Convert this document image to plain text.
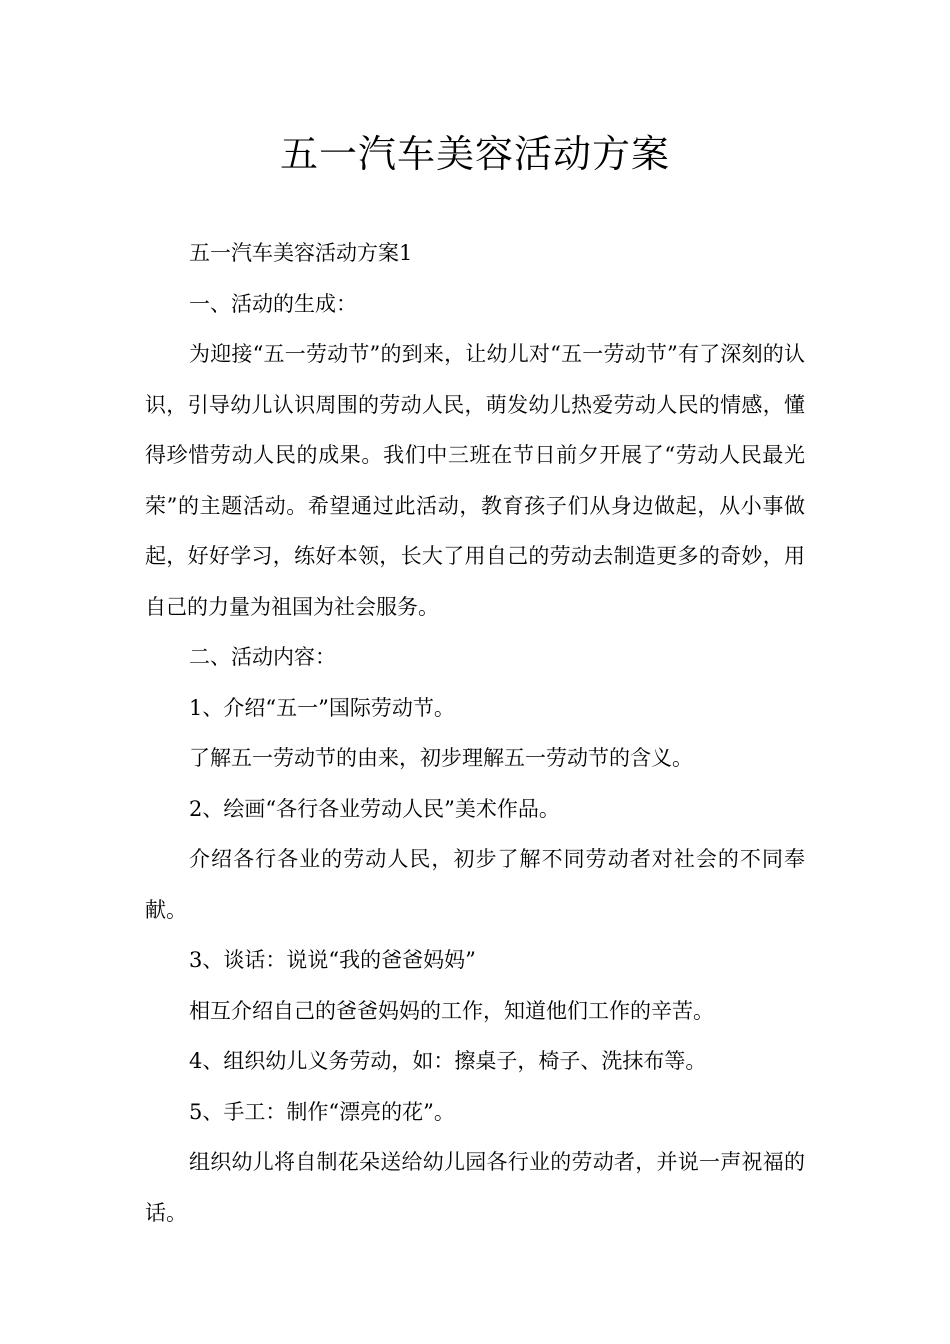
五一汽车美容活动方案

五一汽车美容活动方案1

一、活动的生成：

为迎接“五一劳动节”的到来，让幼儿对“五一劳动节”有了深刻的认识，引导幼儿认识周围的劳动人民，萌发幼儿热爱劳动人民的情感，懂得珍惜劳动人民的成果。我们中三班在节日前夕开展了“劳动人民最光荣”的主题活动。希望通过此活动，教育孩子们从身边做起，从小事做起，好好学习，练好本领，长大了用自己的劳动去制造更多的奇妙，用自己的力量为祖国为社会服务。

二、活动内容：

1、介绍“五一”国际劳动节。

了解五一劳动节的由来，初步理解五一劳动节的含义。

2、绘画“各行各业劳动人民”美术作品。

介绍各行各业的劳动人民，初步了解不同劳动者对社会的不同奉献。

3、谈话：说说“我的爸爸妈妈”

相互介绍自己的爸爸妈妈的工作，知道他们工作的辛苦。

4、组织幼儿义务劳动，如：擦桌子，椅子、洗抹布等。

5、手工：制作“漂亮的花”。

组织幼儿将自制花朵送给幼儿园各行业的劳动者，并说一声祝福的话。
